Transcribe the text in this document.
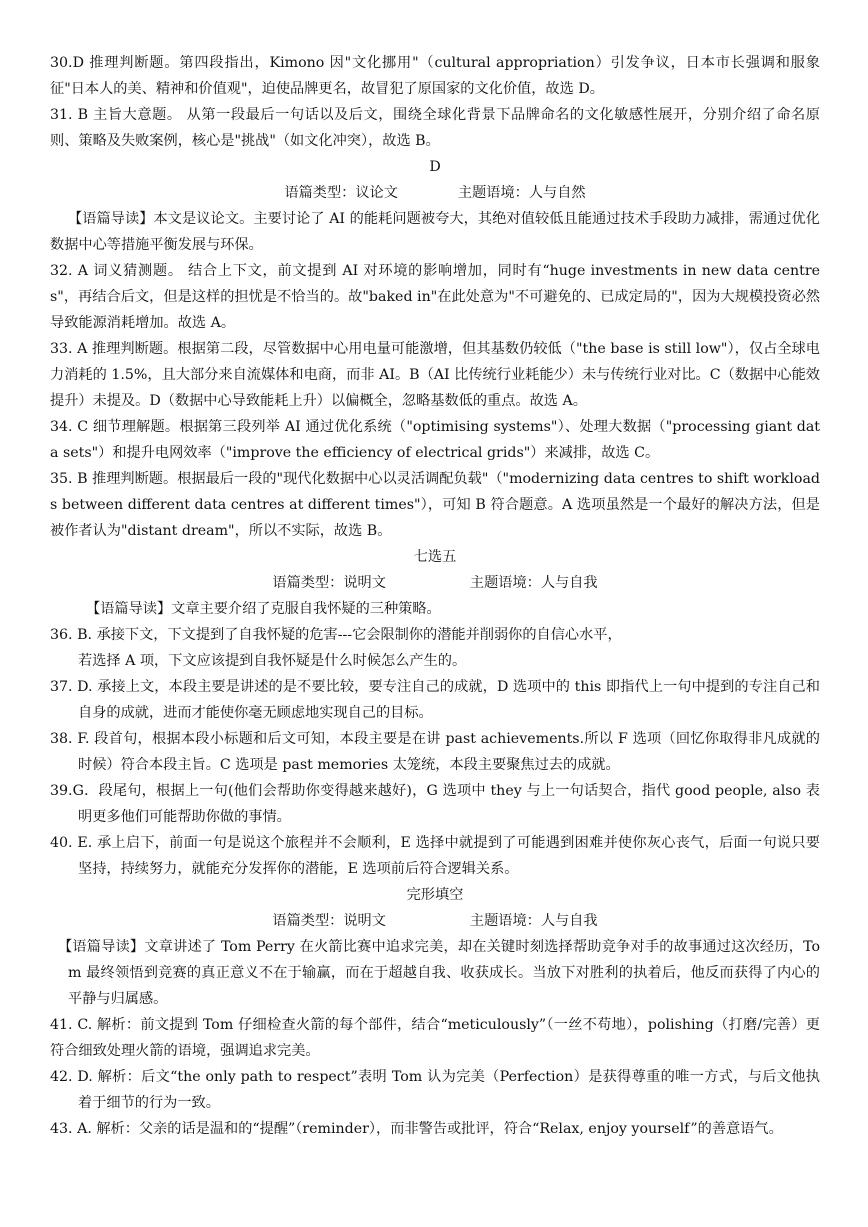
30.D 推理判断题。第四段指出，Kimono 因"文化挪用"（cultural appropriation）引发争议，日本市长强调和服象征"日本人的美、精神和价值观"，迫使品牌更名，故冒犯了原国家的文化价值，故选 D。

31. B 主旨大意题。 从第一段最后一句话以及后文，围绕全球化背景下品牌命名的文化敏感性展开，分别介绍了命名原则、策略及失败案例，核心是"挑战"（如文化冲突），故选 B。

D

语篇类型：议论文	主题语境：人与自然

【语篇导读】本文是议论文。主要讨论了 AI 的能耗问题被夸大，其绝对值较低且能通过技术手段助力减排，需通过优化数据中心等措施平衡发展与环保。

32. A 词义猜测题。 结合上下文，前文提到 AI 对环境的影响增加，同时有“huge investments in new data centres"，再结合后文，但是这样的担忧是不恰当的。故"baked in"在此处意为"不可避免的、已成定局的"，因为大规模投资必然导致能源消耗增加。故选 A。

33. A 推理判断题。根据第二段，尽管数据中心用电量可能激增，但其基数仍较低（"the base is still low"），仅占全球电力消耗的 1.5%，且大部分来自流媒体和电商，而非 AI。B（AI 比传统行业耗能少）未与传统行业对比。C（数据中心能效提升）未提及。D（数据中心导致能耗上升）以偏概全，忽略基数低的重点。故选 A。

34. C 细节理解题。根据第三段列举 AI 通过优化系统（"optimising systems"）、处理大数据（"processing giant data sets"）和提升电网效率（"improve the efficiency of electrical grids"）来减排，故选 C。

35. B 推理判断题。根据最后一段的"现代化数据中心以灵活调配负载"（"modernizing data centres to shift workloads between different data centres at different times"），可知 B 符合题意。A 选项虽然是一个最好的解决方法，但是被作者认为"distant dream"，所以不实际，故选 B。

七选五

语篇类型：说明文	主题语境：人与自我

【语篇导读】文章主要介绍了克服自我怀疑的三种策略。

36. B. 承接下文，下文提到了自我怀疑的危害---它会限制你的潜能并削弱你的自信心水平，

若选择 A 项，下文应该提到自我怀疑是什么时候怎么产生的。

37. D. 承接上文，本段主要是讲述的是不要比较，要专注自己的成就，D 选项中的 this 即指代上一句中提到的专注自己和自身的成就，进而才能使你毫无顾虑地实现自己的目标。

38. F. 段首句，根据本段小标题和后文可知，本段主要是在讲 past achievements.所以 F 选项（回忆你取得非凡成就的时候）符合本段主旨。C 选项是 past memories 太笼统，本段主要聚焦过去的成就。

39.G．段尾句，根据上一句(他们会帮助你变得越来越好)，G 选项中 they 与上一句话契合，指代 good people, also 表明更多他们可能帮助你做的事情。

40. E. 承上启下，前面一句是说这个旅程并不会顺利，E 选择中就提到了可能遇到困难并使你灰心丧气，后面一句说只要坚持，持续努力，就能充分发挥你的潜能，E 选项前后符合逻辑关系。

完形填空

语篇类型：说明文	主题语境：人与自我

【语篇导读】文章讲述了 Tom Perry 在火箭比赛中追求完美，却在关键时刻选择帮助竞争对手的故事通过这次经历，Tom 最终领悟到竞赛的真正意义不在于输赢，而在于超越自我、收获成长。当放下对胜利的执着后，他反而获得了内心的平静与归属感。

41. C. 解析：前文提到 Tom 仔细检查火箭的每个部件，结合“meticulously”（一丝不苟地），polishing（打磨/完善）更符合细致处理火箭的语境，强调追求完美。

42. D. 解析：后文“the only path to respect”表明 Tom 认为完美（Perfection）是获得尊重的唯一方式，与后文他执着于细节的行为一致。

43. A. 解析：父亲的话是温和的“提醒”（reminder），而非警告或批评，符合“Relax, enjoy yourself”的善意语气。
